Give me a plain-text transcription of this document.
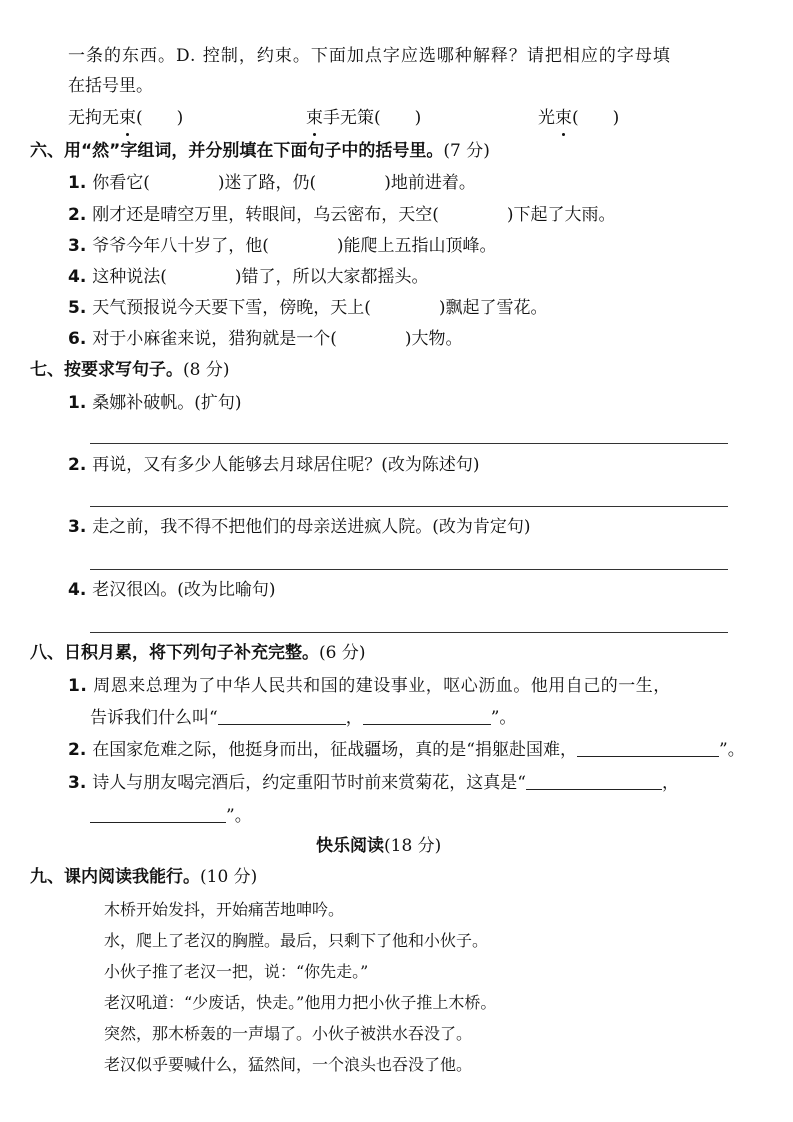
一条的东西。D. 控制，约束。下面加点字应选哪种解释？请把相应的字母填
在括号里。
无拘无束(　　)	束手无策(　　)	光束(　　)
六、用“然”字组词，并分别填在下面句子中的括号里。(7 分)
1. 你看它(　　　　)迷了路，仍(　　　　)地前进着。
2. 刚才还是晴空万里，转眼间，乌云密布，天空(　　　　)下起了大雨。
3. 爷爷今年八十岁了，他(　　　　)能爬上五指山顶峰。
4. 这种说法(　　　　)错了，所以大家都摇头。
5. 天气预报说今天要下雪，傍晚，天上(　　　　)飘起了雪花。
6. 对于小麻雀来说，猎狗就是一个(　　　　)大物。
七、按要求写句子。(8 分)
1. 桑娜补破帆。(扩句)
2. 再说，又有多少人能够去月球居住呢？(改为陈述句)
3. 走之前，我不得不把他们的母亲送进疯人院。(改为肯定句)
4. 老汉很凶。(改为比喻句)
八、日积月累，将下列句子补充完整。(6 分)
1. 周恩来总理为了中华人民共和国的建设事业，呕心沥血。他用自己的一生，
告诉我们什么叫“	，	”。
2. 在国家危难之际，他挺身而出，征战疆场，真的是“捐躯赴国难，	”。
3. 诗人与朋友喝完酒后，约定重阳节时前来赏菊花，这真是“	，
”。
快乐阅读(18 分)
九、课内阅读我能行。(10 分)
木桥开始发抖，开始痛苦地呻吟。
水，爬上了老汉的胸膛。最后，只剩下了他和小伙子。
小伙子推了老汉一把，说：“你先走。”
老汉吼道：“少废话，快走。”他用力把小伙子推上木桥。
突然，那木桥轰的一声塌了。小伙子被洪水吞没了。
老汉似乎要喊什么，猛然间，一个浪头也吞没了他。
